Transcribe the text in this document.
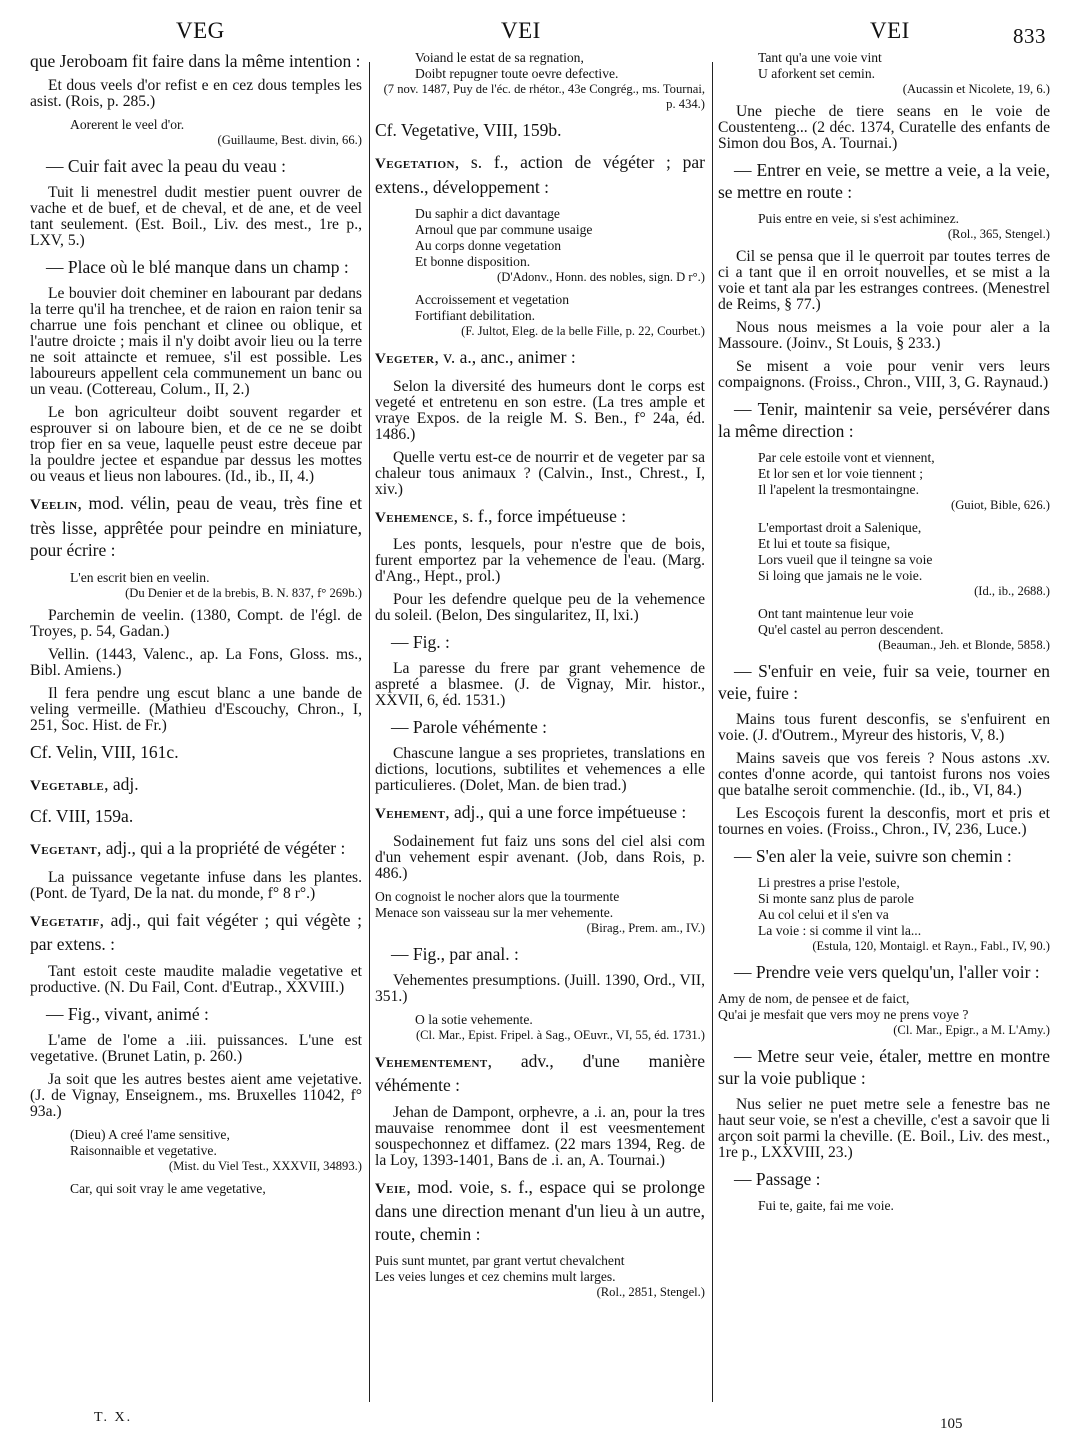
VEG	VEI	VEI	833
que Jeroboam fit faire dans la même intention :
Et dous veels d'or refist e en cez dous temples les asist. (Rois, p. 285.)
Aorerent le veel d'or.
(Guillaume, Best. divin, 66.)
— Cuir fait avec la peau du veau :
Tuit li menestrel dudit mestier puent ouvrer de vache et de buef, et de cheval, et de ane, et de veel tant seulement. (Est. Boil., Liv. des mest., 1re p., LXV, 5.)
— Place où le blé manque dans un champ :
Le bouvier doit cheminer en labourant par dedans la terre qu'il ha trenchee, et de raion en raion tenir sa charrue une fois penchant et clinee ou oblique, et l'autre droicte ; mais il n'y doibt avoir lieu ou la terre ne soit attaincte et remuee, s'il est possible. Les laboureurs appellent cela communement un banc ou un veau. (Cottereau, Colum., II, 2.)
Le bon agriculteur doibt souvent regarder et esprouver si on laboure bien, et de ce ne se doibt trop fier en sa veue, laquelle peust estre deceue par la pouldre jectee et espandue par dessus les mottes ou veaus et lieus non laboures. (Id., ib., II, 4.)
Veelin, mod. vélin, peau de veau, très fine et très lisse, apprêtée pour peindre en miniature, pour écrire :
L'en escrit bien en veelin.
(Du Denier et de la brebis, B. N. 837, f° 269b.)
Parchemin de veelin. (1380, Compt. de l'égl. de Troyes, p. 54, Gadan.)
Vellin. (1443, Valenc., ap. La Fons, Gloss. ms., Bibl. Amiens.)
Il fera pendre ung escut blanc a une bande de veling vermeille. (Mathieu d'Escouchy, Chron., I, 251, Soc. Hist. de Fr.)
Cf. Velin, VIII, 161c.
Vegetable, adj.
Cf. VIII, 159a.
Vegetant, adj., qui a la propriété de végéter :
La puissance vegetante infuse dans les plantes. (Pont. de Tyard, De la nat. du monde, f° 8 r°.)
Vegetatif, adj., qui fait végéter ; qui végète ; par extens. :
Tant estoit ceste maudite maladie vegetative et productive. (N. Du Fail, Cont. d'Eutrap., XXVIII.)
— Fig., vivant, animé :
L'ame de l'ome a .iii. puissances. L'une est vegetative. (Brunet Latin, p. 260.)
Ja soit que les autres bestes aient ame vejetative. (J. de Vignay, Enseignem., ms. Bruxelles 11042, f° 93a.)
(Dieu) A creé l'ame sensitive,
Raisonnaible et vegetative.
(Mist. du Viel Test., XXXVII, 34893.)
Car, qui soit vray le ame vegetative,
Voiand le estat de sa regnation,
Doibt repugner toute oevre defective.
(7 nov. 1487, Puy de l'éc. de rhétor., 43e Congrég., ms. Tournai, p. 434.)
Cf. Vegetative, VIII, 159b.
Vegetation, s. f., action de végéter ; par extens., développement :
Du saphir a dict davantage
Arnoul que par commune usaige
Au corps donne vegetation
Et bonne disposition.
(D'Adonv., Honn. des nobles, sign. D r°.)
Accroissement et vegetation
Fortifiant debilitation.
(F. Jultot, Eleg. de la belle Fille, p. 22, Courbet.)
Vegeter, v. a., anc., animer :
Selon la diversité des humeurs dont le corps est vegeté et entretenu en son estre. (La tres ample et vraye Expos. de la reigle M. S. Ben., f° 24a, éd. 1486.)
Quelle vertu est-ce de nourrir et de vegeter par sa chaleur tous animaux ? (Calvin., Inst., Chrest., I, xiv.)
Vehemence, s. f., force impétueuse :
Les ponts, lesquels, pour n'estre que de bois, furent emportez par la vehemence de l'eau. (Marg. d'Ang., Hept., prol.)
Pour les defendre quelque peu de la vehemence du soleil. (Belon, Des singularitez, II, lxi.)
— Fig. :
La paresse du frere par grant vehemence de aspreté a blasmee. (J. de Vignay, Mir. histor., XXVII, 6, éd. 1531.)
— Parole véhémente :
Chascune langue a ses proprietes, translations en dictions, locutions, subtilites et vehemences a elle particulieres. (Dolet, Man. de bien trad.)
Vehement, adj., qui a une force impétueuse :
Sodainement fut faiz uns sons del ciel alsi com d'un vehement espir avenant. (Job, dans Rois, p. 486.)
On cognoist le nocher alors que la tourmente
Menace son vaisseau sur la mer vehemente.
(Birag., Prem. am., IV.)
— Fig., par anal. :
Vehementes presumptions. (Juill. 1390, Ord., VII, 351.)
O la sotie vehemente.
(Cl. Mar., Epist. Fripel. à Sag., OEuvr., VI, 55, éd. 1731.)
Vehementement, adv., d'une manière véhémente :
Jehan de Dampont, orphevre, a .i. an, pour la tres mauvaise renommee dont il est veesmentement souspechonnez et diffamez. (22 mars 1394, Reg. de la Loy, 1393-1401, Bans de .i. an, A. Tournai.)
Veie, mod. voie, s. f., espace qui se prolonge dans une direction menant d'un lieu à un autre, route, chemin :
Puis sunt muntet, par grant vertut chevalchent
Les veies lunges et cez chemins mult larges.
(Rol., 2851, Stengel.)
Tant qu'a une voie vint
U aforkent set cemin.
(Aucassin et Nicolete, 19, 6.)
Une pieche de tiere seans en le voie de Coustenteng... (2 déc. 1374, Curatelle des enfants de Simon dou Bos, A. Tournai.)
— Entrer en veie, se mettre a veie, a la veie, se mettre en route :
Puis entre en veie, si s'est achiminez.
(Rol., 365, Stengel.)
Cil se pensa que il le querroit par toutes terres de ci a tant que il en orroit nouvelles, et se mist a la voie et tant ala par les estranges contrees. (Menestrel de Reims, § 77.)
Nous nous meismes a la voie pour aler a la Massoure. (Joinv., St Louis, § 233.)
Se misent a voie pour venir vers leurs compaignons. (Froiss., Chron., VIII, 3, G. Raynaud.)
— Tenir, maintenir sa veie, persévérer dans la même direction :
Par cele estoile vont et viennent,
Et lor sen et lor voie tiennent ;
Il l'apelent la tresmontaingne.
(Guiot, Bible, 626.)
L'emportast droit a Salenique,
Et lui et toute sa fisique,
Lors vueil que il teingne sa voie
Si loing que jamais ne le voie.
(Id., ib., 2688.)
Ont tant maintenue leur voie
Qu'el castel au perron descendent.
(Beauman., Jeh. et Blonde, 5858.)
— S'enfuir en veie, fuir sa veie, tourner en veie, fuire :
Mains tous furent desconfis, se s'enfuirent en voie. (J. d'Outrem., Myreur des historis, V, 8.)
Mains saveis que vos fereis ? Nous astons .xv. contes d'onne acorde, qui tantoist furons nos voies que batalhe seroit commenchie. (Id., ib., VI, 84.)
Les Escoçois furent la desconfis, mort et pris et tournes en voies. (Froiss., Chron., IV, 236, Luce.)
— S'en aler la veie, suivre son chemin :
Li prestres a prise l'estole,
Si monte sanz plus de parole
Au col celui et il s'en va
La voie : si comme il vint la...
(Estula, 120, Montaigl. et Rayn., Fabl., IV, 90.)
— Prendre veie vers quelqu'un, l'aller voir :
Amy de nom, de pensee et de faict,
Qu'ai je mesfait que vers moy ne prens voye ?
(Cl. Mar., Epigr., a M. L'Amy.)
— Metre seur veie, étaler, mettre en montre sur la voie publique :
Nus selier ne puet metre sele a fenestre bas ne haut seur voie, se n'est a cheville, c'est a savoir que li arçon soit parmi la cheville. (E. Boil., Liv. des mest., 1re p., LXXVIII, 23.)
— Passage :
Fui te, gaite, fai me voie.
T. X.	105
